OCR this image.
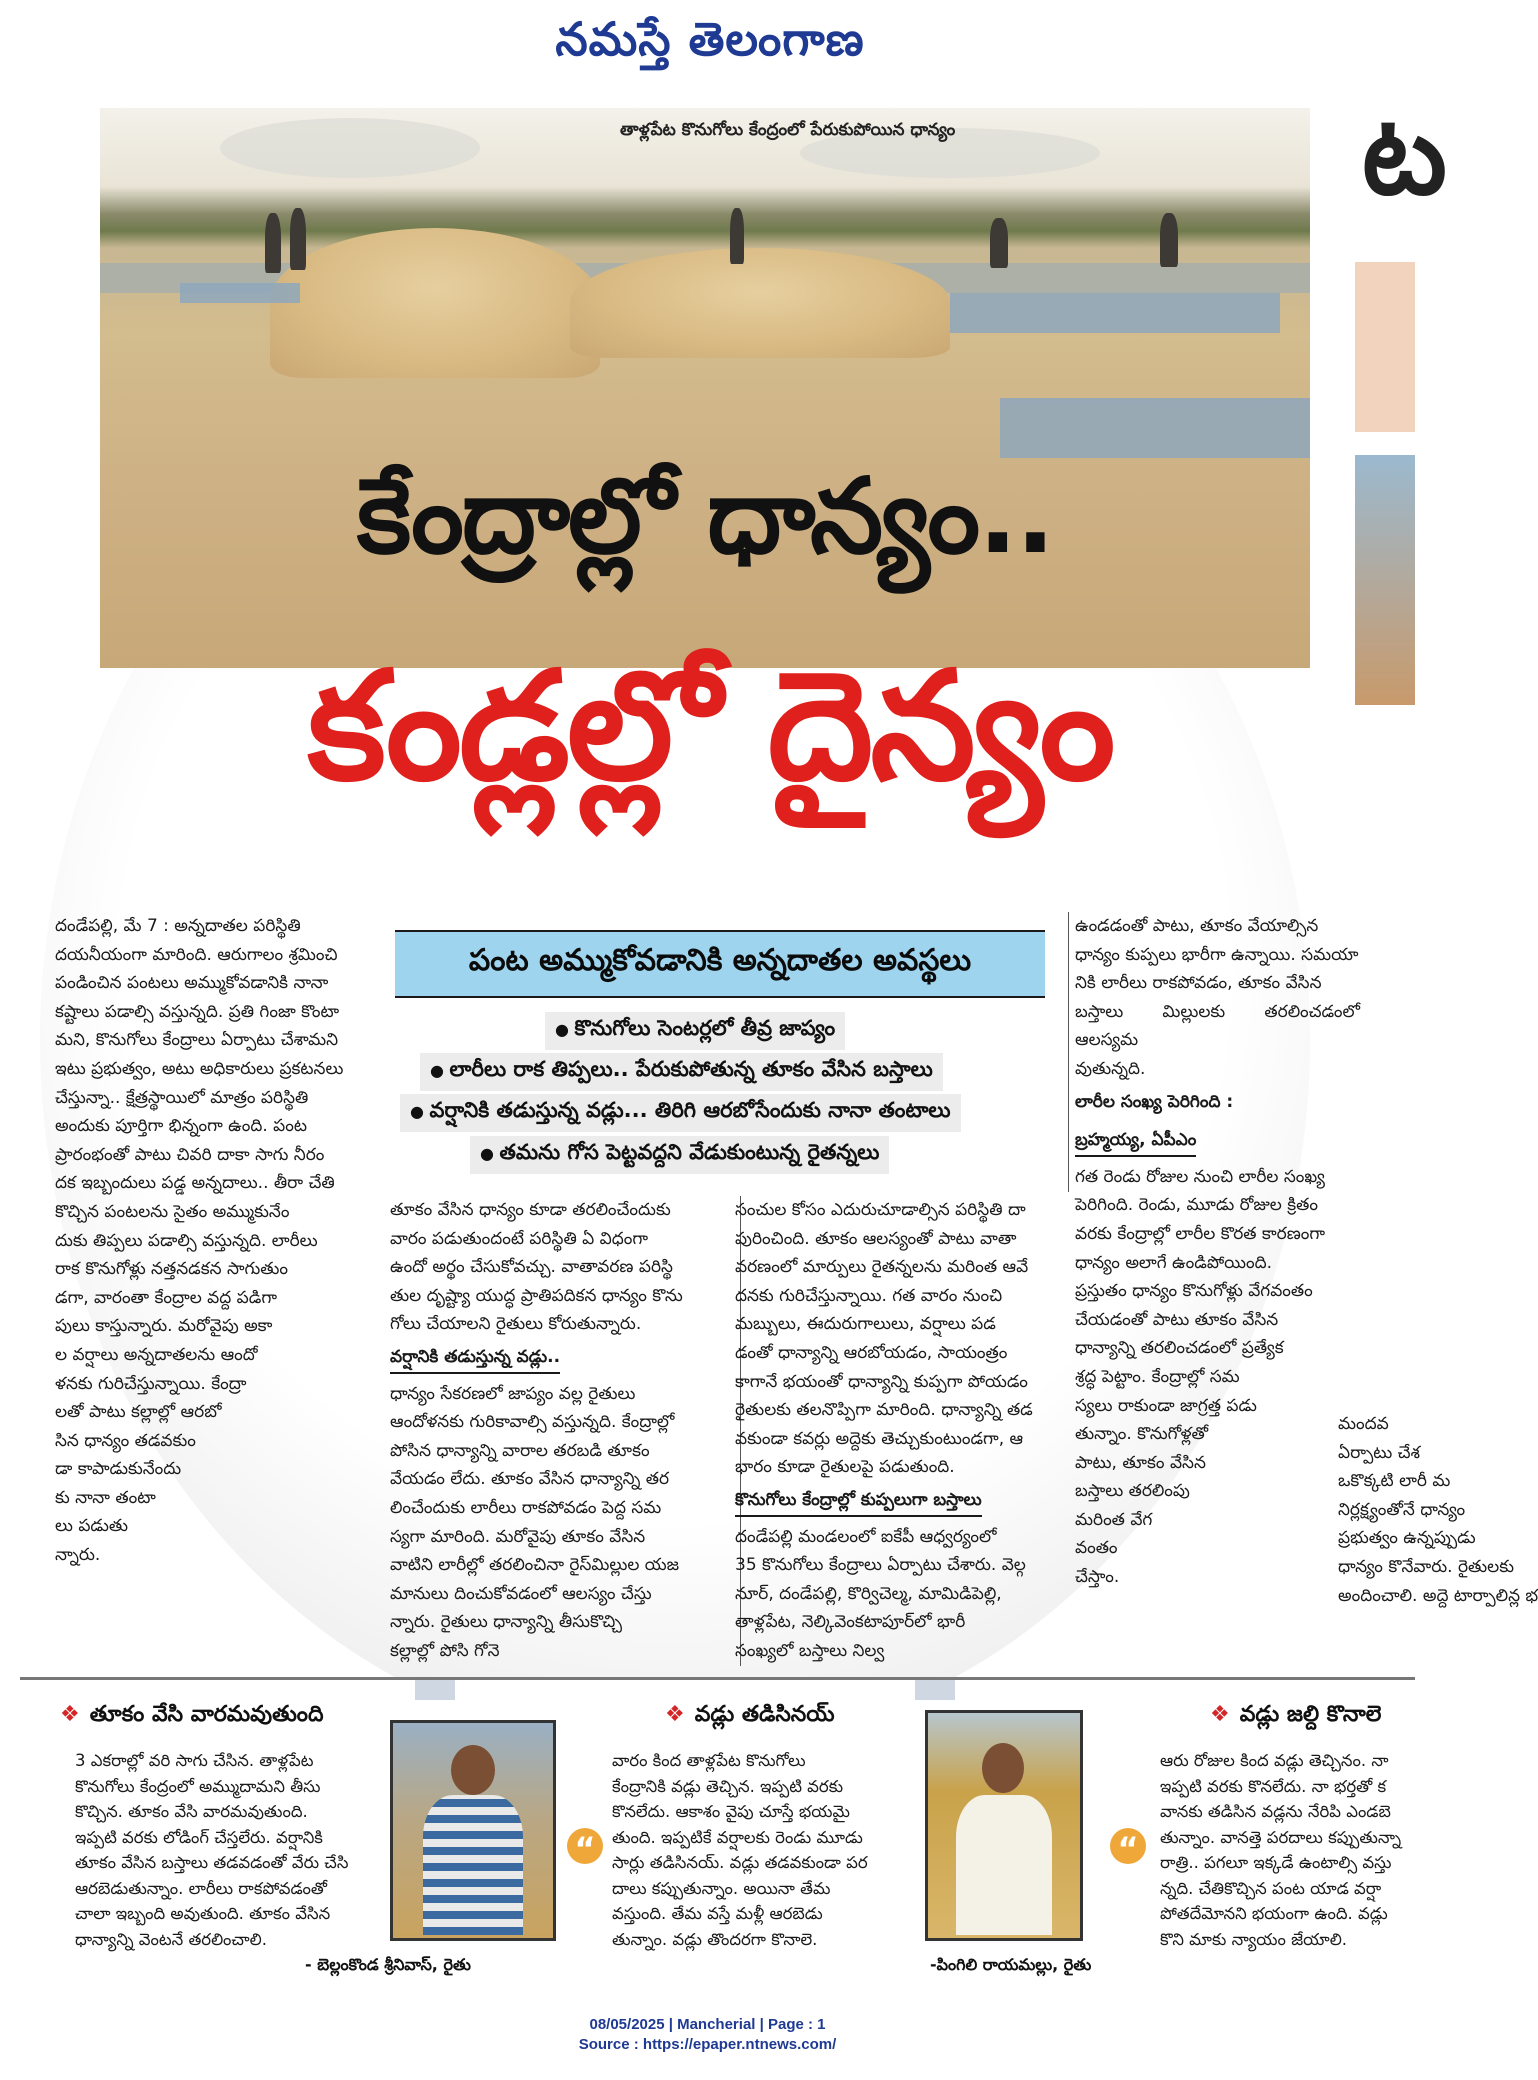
నమస్తే తెలంగాణ
ట
తాళ్లపేట కొనుగోలు కేంద్రంలో పేరుకుపోయిన ధాన్యం
కేంద్రాల్లో ధాన్యం..
కండ్లల్లో దైన్యం
పంట అమ్ముకోవడానికి అన్నదాతల అవస్థలు
● కొనుగోలు సెంటర్లలో తీవ్ర జాప్యం
● లారీలు రాక తిప్పలు.. పేరుకుపోతున్న తూకం వేసిన బస్తాలు
● వర్షానికి తడుస్తున్న వడ్లు... తిరిగి ఆరబోసేందుకు నానా తంటాలు
● తమను గోస పెట్టవద్దని వేడుకుంటున్న రైతన్నలు

దండేపల్లి, మే 7 : అన్నదాతల పరిస్థితి

దయనీయంగా మారింది. ఆరుగాలం శ్రమించి

పండించిన పంటలు అమ్ముకోవడానికి నానా

కష్టాలు పడాల్సి వస్తున్నది. ప్రతి గింజా కొంటా

మని, కొనుగోలు కేంద్రాలు ఏర్పాటు చేశామని

ఇటు ప్రభుత్వం, అటు అధికారులు ప్రకటనలు

చేస్తున్నా.. క్షేత్రస్థాయిలో మాత్రం పరిస్థితి

అందుకు పూర్తిగా భిన్నంగా ఉంది. పంట

ప్రారంభంతో పాటు చివరి దాకా సాగు నీరం

దక ఇబ్బందులు పడ్డ అన్నదాలు.. తీరా చేతి

కొచ్చిన పంటలను సైతం అమ్ముకునేం

దుకు తిప్పలు పడాల్సి వస్తున్నది. లారీలు

రాక కొనుగోళ్లు నత్తనడకన సాగుతుం

డగా, వారంతా కేంద్రాల వద్ద పడిగా

పులు కాస్తున్నారు. మరోవైపు అకా

ల వర్షాలు అన్నదాతలను ఆందో

ళనకు గురిచేస్తున్నాయి. కేంద్రా

లతో పాటు కల్లాల్లో ఆరబో

సిన ధాన్యం తడవకుం

డా కాపాడుకునేందు

కు నానా తంటా

లు పడుతు

న్నారు.

తూకం వేసిన ధాన్యం కూడా తరలించేందుకు

వారం పడుతుందంటే పరిస్థితి ఏ విధంగా

ఉందో అర్థం చేసుకోవచ్చు. వాతావరణ పరిస్థి

తుల దృష్ట్యా యుద్ధ ప్రాతిపదికన ధాన్యం కొను

గోలు చేయాలని రైతులు కోరుతున్నారు.

వర్షానికి తడుస్తున్న వడ్లు..

ధాన్యం సేకరణలో జాప్యం వల్ల రైతులు

ఆందోళనకు గురికావాల్సి వస్తున్నది. కేంద్రాల్లో

పోసిన ధాన్యాన్ని వారాల తరబడి తూకం

వేయడం లేదు. తూకం వేసిన ధాన్యాన్ని తర

లించేందుకు లారీలు రాకపోవడం పెద్ద సమ

స్యగా మారింది. మరోవైపు తూకం వేసిన

వాటిని లారీల్లో తరలించినా రైస్‌మిల్లుల యజ

మానులు దించుకోవడంలో ఆలస్యం చేస్తు

న్నారు. రైతులు ధాన్యాన్ని తీసుకొచ్చి

కల్లాల్లో పోసి గోనె

సంచుల కోసం ఎదురుచూడాల్సిన పరిస్థితి దా

పురించింది. తూకం ఆలస్యంతో పాటు వాతా

వరణంలో మార్పులు రైతన్నలను మరింత ఆవే

దనకు గురిచేస్తున్నాయి. గత వారం నుంచి

మబ్బులు, ఈదురుగాలులు, వర్షాలు పడ

డంతో ధాన్యాన్ని ఆరబోయడం, సాయంత్రం

కాగానే భయంతో ధాన్యాన్ని కుప్పగా పోయడం

రైతులకు తలనొప్పిగా మారింది. ధాన్యాన్ని తడ

వకుండా కవర్లు అద్దెకు తెచ్చుకుంటుండగా, ఆ

భారం కూడా రైతులపై పడుతుంది.

కొనుగోలు కేంద్రాల్లో కుప్పలుగా బస్తాలు

దండేపల్లి మండలంలో ఐకేపీ ఆధ్వర్యంలో

35 కొనుగోలు కేంద్రాలు ఏర్పాటు చేశారు. వెల్గ

నూర్, దండేపల్లి, కొర్విచెల్మ, మామిడిపెల్లి,

తాళ్లపేట, నెల్కివెంకటాపూర్‌లో భారీ

సంఖ్యలో బస్తాలు నిల్వ

ఉండడంతో పాటు, తూకం వేయాల్సిన

ధాన్యం కుప్పలు భారీగా ఉన్నాయి. సమయా

నికి లారీలు రాకపోవడం, తూకం వేసిన

బస్తాలు మిల్లులకు తరలించడంలో ఆలస్యమ

వుతున్నది.

లారీల సంఖ్య పెరిగింది :
బ్రహ్మయ్య, ఏపీఎం

గత రెండు రోజుల నుంచి లారీల సంఖ్య

పెరిగింది. రెండు, మూడు రోజుల క్రితం

వరకు కేంద్రాల్లో లారీల కొరత కారణంగా

ధాన్యం అలాగే ఉండిపోయింది.

ప్రస్తుతం ధాన్యం కొనుగోళ్లు వేగవంతం

చేయడంతో పాటు తూకం వేసిన

ధాన్యాన్ని తరలించడంలో ప్రత్యేక

శ్రద్ధ పెట్టాం. కేంద్రాల్లో సమ

స్యలు రాకుండా జాగ్రత్త పడు

తున్నాం. కొనుగోళ్లతో

పాటు, తూకం వేసిన

బస్తాలు తరలింపు

మరింత వేగ

వంతం

చేస్తాం.

మందవ

ఏర్పాటు చేశ

ఒకొక్కటి లారీ మ

నిర్లక్ష్యంతోనే ధాన్యం

ప్రభుత్వం ఉన్నప్పుడు

ధాన్యం కొనేవారు. రైతులకు

అందించాలి. అద్దె టార్పాలిన్ల భ

❖ తూకం వేసి వారమవుతుంది

3 ఎకరాల్లో వరి సాగు చేసిన. తాళ్లపేట

కొనుగోలు కేంద్రంలో అమ్ముదామని తీసు

కొచ్చిన. తూకం వేసి వారమవుతుంది.

ఇప్పటి వరకు లోడింగ్ చేస్తలేరు. వర్షానికి

తూకం వేసిన బస్తాలు తడవడంతో వేరు చేసి

ఆరబెడుతున్నాం. లారీలు రాకపోవడంతో

చాలా ఇబ్బంది అవుతుంది. తూకం వేసిన

ధాన్యాన్ని వెంటనే తరలించాలి.

- బెల్లంకొండ శ్రీనివాస్, రైతు
“
❖ వడ్లు తడిసినయ్

వారం కింద తాళ్లపేట కొనుగోలు

కేంద్రానికి వడ్లు తెచ్చిన. ఇప్పటి వరకు

కొనలేదు. ఆకాశం వైపు చూస్తే భయమై

తుంది. ఇప్పటికే వర్షాలకు రెండు మూడు

సార్లు తడిసినయ్. వడ్లు తడవకుండా పర

దాలు కప్పుతున్నాం. అయినా తేమ

వస్తుంది. తేమ వస్తే మళ్లీ ఆరబెడు

తున్నాం. వడ్లు తొందరగా కొనాలె.

-పింగిలి రాయమల్లు, రైతు
“
❖ వడ్లు జల్ది కొనాలె

ఆరు రోజుల కింద వడ్లు తెచ్చినం. నా

ఇప్పటి వరకు కొనలేదు. నా భర్తతో క

వానకు తడిసిన వడ్లను నేరిపి ఎండబె

తున్నాం. వానత్తె పరదాలు కప్పుతున్నా

రాత్రి.. పగలూ ఇక్కడే ఉంటాల్సి వస్తు

న్నది. చేతికొచ్చిన పంట యాడ వర్షా

పోతదేమోనని భయంగా ఉంది. వడ్లు

కొని మాకు న్యాయం జేయాలి.

08/05/2025 | Mancherial | Page : 1
Source : https://epaper.ntnews.com/
